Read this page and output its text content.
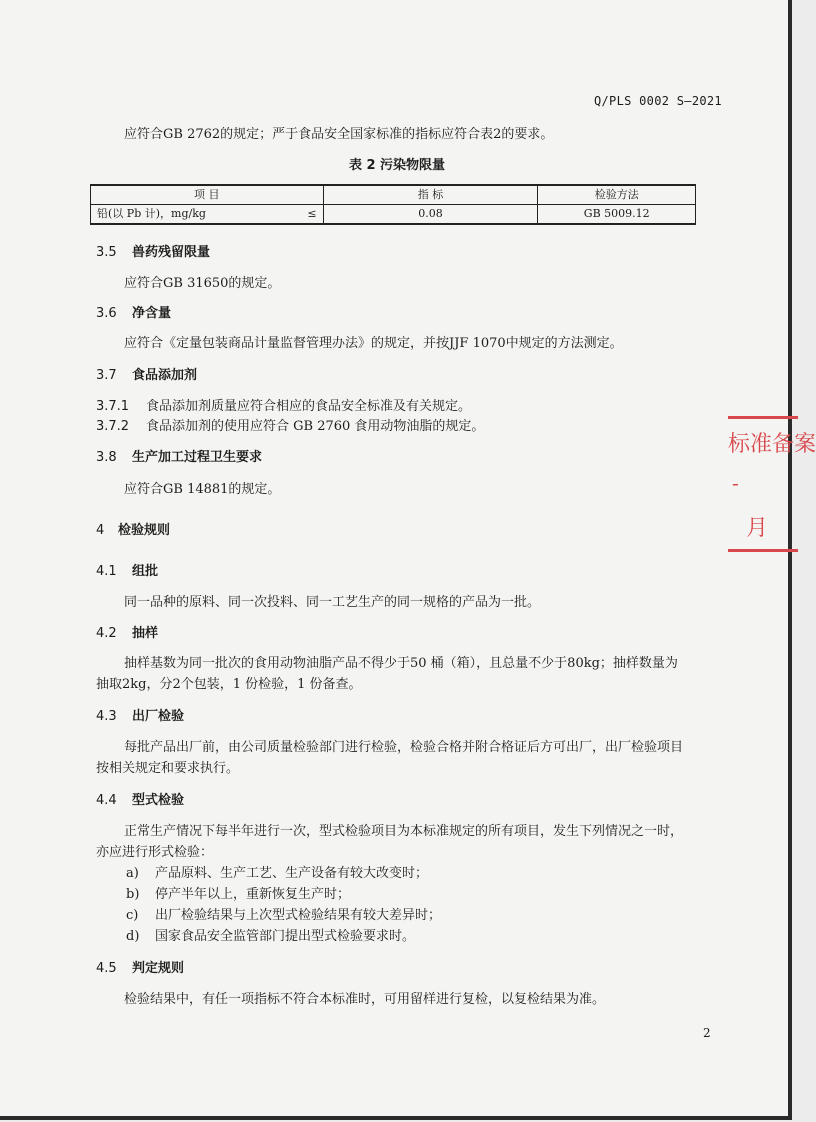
Q/PLS 0002 S—2021
应符合GB 2762的规定；严于食品安全国家标准的指标应符合表2的要求。
表 2 污染物限量
项 目	指 标	检验方法
铅(以 Pb 计)，mg/kg ≤	0.08	GB 5009.12
3.5 兽药残留限量
应符合GB 31650的规定。
3.6 净含量
应符合《定量包装商品计量监督管理办法》的规定，并按JJF 1070中规定的方法测定。
3.7 食品添加剂
3.7.1 食品添加剂质量应符合相应的食品安全标准及有关规定。
3.7.2 食品添加剂的使用应符合 GB 2760 食用动物油脂的规定。
3.8 生产加工过程卫生要求
应符合GB 14881的规定。
4 检验规则
4.1 组批
同一品种的原料、同一次投料、同一工艺生产的同一规格的产品为一批。
4.2 抽样
抽样基数为同一批次的食用动物油脂产品不得少于50 桶（箱），且总量不少于80kg；抽样数量为
抽取2kg，分2个包装，1 份检验，1 份备查。
4.3 出厂检验
每批产品出厂前，由公司质量检验部门进行检验，检验合格并附合格证后方可出厂，出厂检验项目
按相关规定和要求执行。
4.4 型式检验
正常生产情况下每半年进行一次，型式检验项目为本标准规定的所有项目，发生下列情况之一时，
亦应进行形式检验：
a) 产品原料、生产工艺、生产设备有较大改变时；
b) 停产半年以上，重新恢复生产时；
c) 出厂检验结果与上次型式检验结果有较大差异时；
d) 国家食品安全监管部门提出型式检验要求时。
4.5 判定规则
检验结果中，有任一项指标不符合本标准时，可用留样进行复检，以复检结果为准。
2
标准备案
-
月
